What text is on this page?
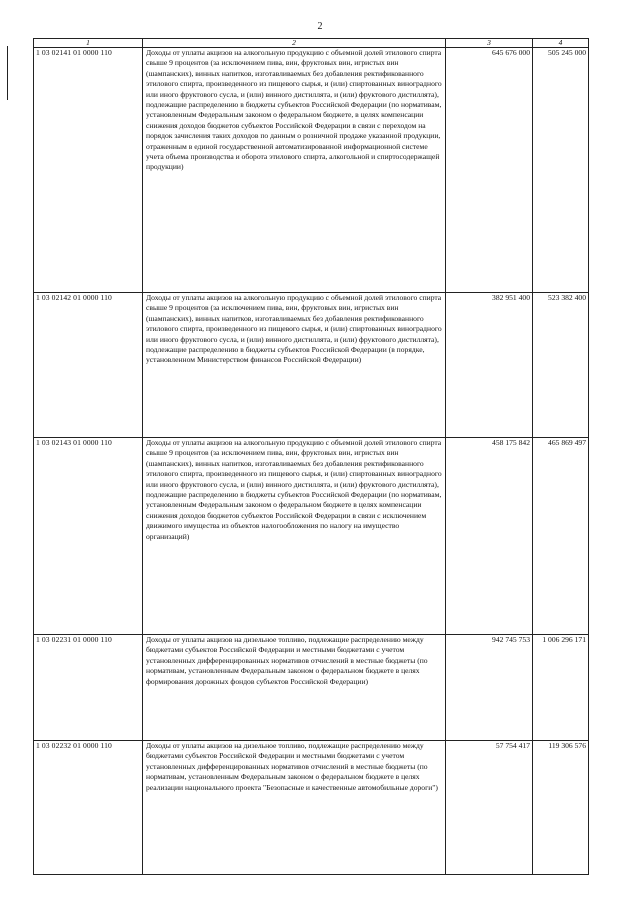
2
1	2	3	4
1 03 02141 01 0000 110	Доходы от уплаты акцизов на алкогольную продукцию с объемной долей этилового спирта свыше 9 процентов (за исключением пива, вин, фруктовых вин, игристых вин (шампанских), винных напитков, изготавливаемых без добавления ректификованного этилового спирта, произведенного из пищевого сырья, и (или) спиртованных виноградного или иного фруктового сусла, и (или) винного дистиллята, и (или) фруктового дистиллята), подлежащие распределению в бюджеты субъектов Российской Федерации (по нормативам, установленным Федеральным законом о федеральном бюджете, в целях компенсации снижения доходов бюджетов субъектов Российской Федерации в связи с переходом на порядок зачисления таких доходов по данным о розничной продаже указанной продукции, отраженным в единой государственной автоматизированной информационной системе учета объема производства и оборота этилового спирта, алкогольной и спиртосодержащей продукции)	645 676 000	505 245 000
1 03 02142 01 0000 110	Доходы от уплаты акцизов на алкогольную продукцию с объемной долей этилового спирта свыше 9 процентов (за исключением пива, вин, фруктовых вин, игристых вин (шампанских), винных напитков, изготавливаемых без добавления ректификованного этилового спирта, произведенного из пищевого сырья, и (или) спиртованных виноградного или иного фруктового сусла, и (или) винного дистиллята, и (или) фруктового дистиллята), подлежащие распределению в бюджеты субъектов Российской Федерации (в порядке, установленном Министерством финансов Российской Федерации)	382 951 400	523 382 400
1 03 02143 01 0000 110	Доходы от уплаты акцизов на алкогольную продукцию с объемной долей этилового спирта свыше 9 процентов (за исключением пива, вин, фруктовых вин, игристых вин (шампанских), винных напитков, изготавливаемых без добавления ректификованного этилового спирта, произведенного из пищевого сырья, и (или) спиртованных виноградного или иного фруктового сусла, и (или) винного дистиллята, и (или) фруктового дистиллята), подлежащие распределению в бюджеты субъектов Российской Федерации (по нормативам, установленным Федеральным законом о федеральном бюджете в целях компенсации снижения доходов бюджетов субъектов Российской Федерации в связи с исключением движимого имущества из объектов налогообложения по налогу на имущество организаций)	458 175 842	465 869 497
1 03 02231 01 0000 110	Доходы от уплаты акцизов на дизельное топливо, подлежащие распределению между бюджетами субъектов Российской Федерации и местными бюджетами с учетом установленных дифференцированных нормативов отчислений в местные бюджеты (по нормативам, установленным Федеральным законом о федеральном бюджете в целях формирования дорожных фондов субъектов Российской Федерации)	942 745 753	1 006 296 171
1 03 02232 01 0000 110	Доходы от уплаты акцизов на дизельное топливо, подлежащие распределению между бюджетами субъектов Российской Федерации и местными бюджетами с учетом установленных дифференцированных нормативов отчислений в местные бюджеты (по нормативам, установленным Федеральным законом о федеральном бюджете в целях реализации национального проекта "Безопасные и качественные автомобильные дороги")	57 754 417	119 306 576
